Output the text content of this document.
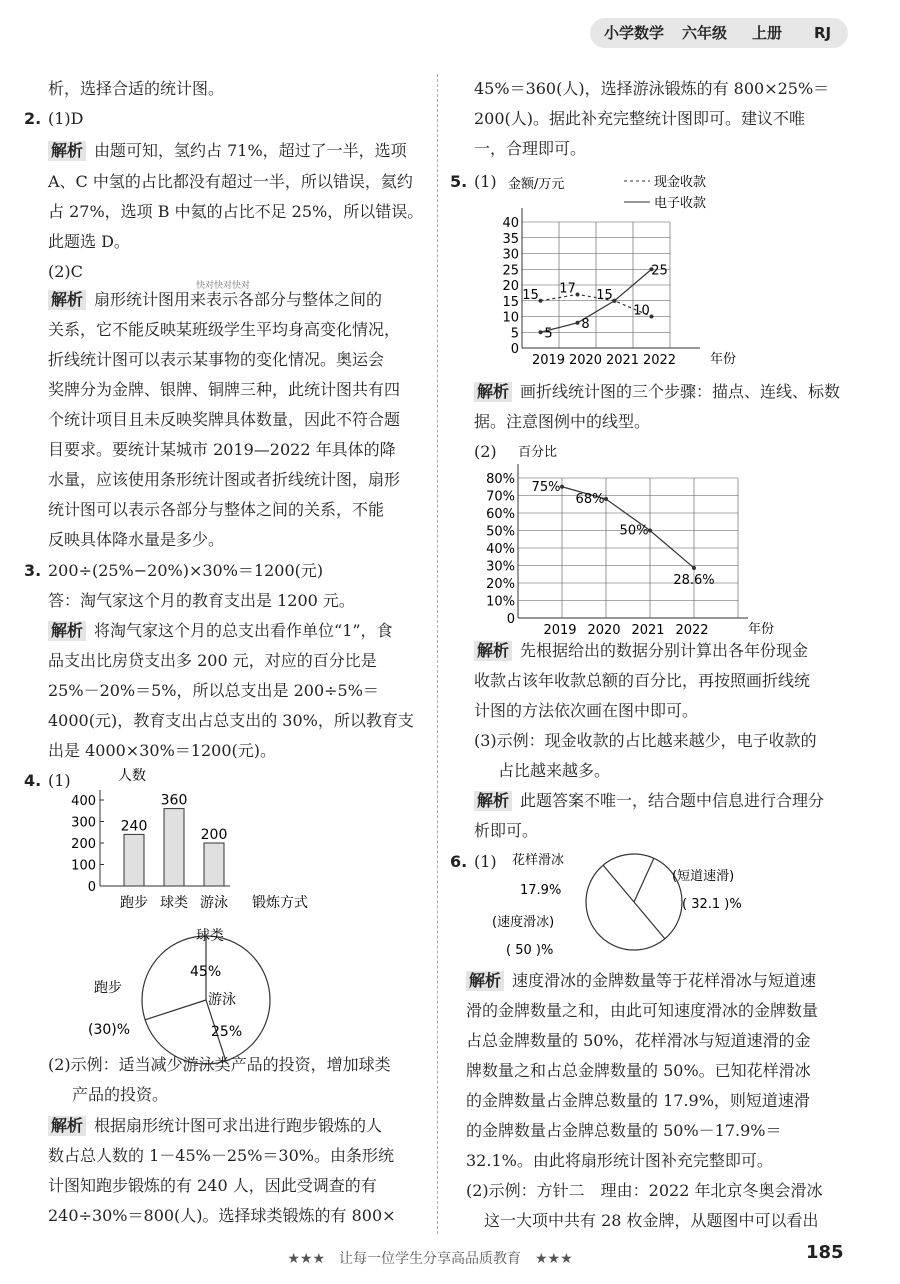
小学数学 六年级 上册 RJ
析，选择合适的统计图。
2. (1)D
解析 由题可知，氢约占 71%，超过了一半，选项
A、C 中氢的占比都没有超过一半，所以错误，氦约
占 27%，选项 B 中氦的占比不足 25%，所以错误。
此题选 D。
(2)C
快对快对快对
解析 扇形统计图用来表示各部分与整体之间的
关系，它不能反映某班级学生平均身高变化情况，
折线统计图可以表示某事物的变化情况。奥运会
奖牌分为金牌、银牌、铜牌三种，此统计图共有四
个统计项目且未反映奖牌具体数量，因此不符合题
目要求。要统计某城市 2019—2022 年具体的降
水量，应该使用条形统计图或者折线统计图，扇形
统计图可以表示各部分与整体之间的关系，不能
反映具体降水量是多少。
3. 200÷(25%−20%)×30%＝1200(元)
答：淘气家这个月的教育支出是 1200 元。
解析 将淘气家这个月的总支出看作单位“1”，食
品支出比房贷支出多 200 元，对应的百分比是
25%－20%＝5%，所以总支出是 200÷5%＝
4000(元)，教育支出占总支出的 30%，所以教育支
出是 4000×30%＝1200(元)。
4. (1)	人数
锻炼方式
0
100
200
300
400
240
跑步
360
球类
200
游泳
球类
45%
游泳
25%
跑步
(30)%
(2)示例：适当减少游泳类产品的投资，增加球类
产品的投资。
解析 根据扇形统计图可求出进行跑步锻炼的人
数占总人数的 1－45%－25%＝30%。由条形统
计图知跑步锻炼的有 240 人，因此受调查的有
240÷30%＝800(人)。选择球类锻炼的有 800×
45%＝360(人)，选择游泳锻炼的有 800×25%＝
200(人)。据此补充完整统计图即可。建议不唯
一，合理即可。
5. (1)
0
5
10
15
20
25
30
35
40
金额/万元
年份
2019 2020 2021 2022
现金收款
电子收款
15 17 15
10
5
8
25
解析 画折线统计图的三个步骤：描点、连线、标数
据。注意图例中的线型。
(2)
0
10%
20%
30%
40%
50%
60%
70%
80%
百分比
年份
2019 2020 2021 2022
75%
68%
50%
28.6%
解析 先根据给出的数据分别计算出各年份现金
收款占该年收款总额的百分比，再按照画折线统
计图的方法依次画在图中即可。
(3)示例：现金收款的占比越来越少，电子收款的
占比越来越多。
解析 此题答案不唯一，结合题中信息进行合理分
析即可。
6. (1) 花样滑冰
17.9%
(速度滑冰)
( 50 )%
(短道速滑)
( 32.1 )%
解析 速度滑冰的金牌数量等于花样滑冰与短道速
滑的金牌数量之和，由此可知速度滑冰的金牌数量
占总金牌数量的 50%，花样滑冰与短道速滑的金
牌数量之和占总金牌数量的 50%。已知花样滑冰
的金牌数量占金牌总数量的 17.9%，则短道速滑
的金牌数量占金牌总数量的 50%－17.9%＝
32.1%。由此将扇形统计图补充完整即可。
(2)示例：方针二　理由：2022 年北京冬奥会滑冰
这一大项中共有 28 枚金牌，从题图中可以看出
★★★　让每一位学生分享高品质教育　★★★	185
